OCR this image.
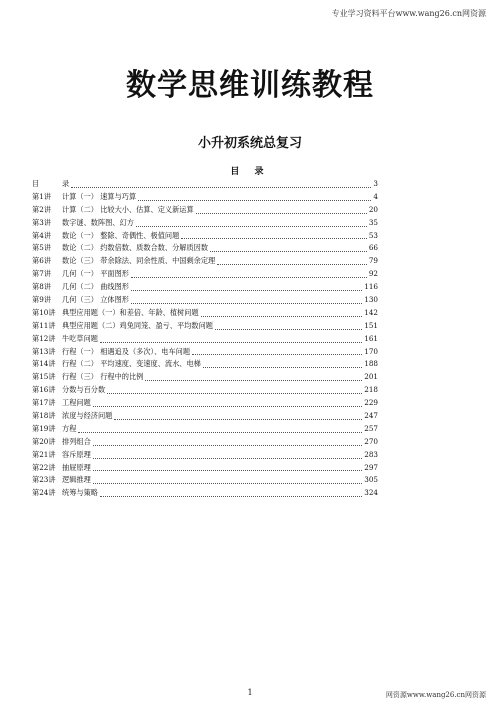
专业学习资料平台www.wang26.cn网资源
数学思维训练教程
小升初系统总复习
目 录
目	录	3
第1讲	计算（一） 速算与巧算	4
第2讲	计算（二） 比较大小、估算、定义新运算	20
第3讲	数字谜、数阵图、幻方	35
第4讲	数论（一） 整除、奇偶性、极值问题	53
第5讲	数论（二） 约数倍数、质数合数、分解质因数	66
第6讲	数论（三） 带余除法、同余性质、中国剩余定理	79
第7讲	几何（一） 平面图形	92
第8讲	几何（二） 曲线图形	116
第9讲	几何（三） 立体图形	130
第10讲 典型应用题（一）和差倍、年龄、植树问题	142
第11讲 典型应用题（二）鸡兔同笼、盈亏、平均数问题	151
第12讲 牛吃草问题	161
第13讲 行程（一） 相遇追及（多次）、电车问题	170
第14讲 行程（二） 平均速度、变速度、流水、电梯	188
第15讲 行程（三） 行程中的比例	201
第16讲 分数与百分数	218
第17讲 工程问题	229
第18讲 浓度与经济问题	247
第19讲 方程	257
第20讲 排列组合	270
第21讲 容斥原理	283
第22讲 抽屉原理	297
第23讲 逻辑推理	305
第24讲 统筹与策略	324
1	网资源www.wang26.cn网资源
